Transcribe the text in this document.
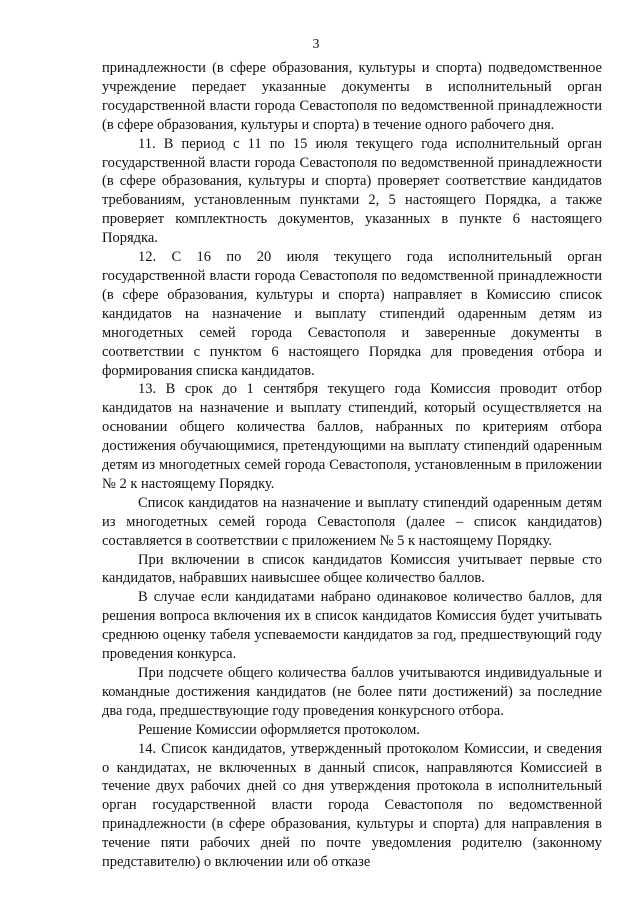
3

принадлежности (в сфере образования, культуры и спорта) подведомственное учреждение передает указанные документы в исполнительный орган государственной власти города Севастополя по ведомственной принадлежности (в сфере образования, культуры и спорта) в течение одного рабочего дня.

11. В период с 11 по 15 июля текущего года исполнительный орган государственной власти города Севастополя по ведомственной принадлежности (в сфере образования, культуры и спорта) проверяет соответствие кандидатов требованиям, установленным пунктами 2, 5 настоящего Порядка, а также проверяет комплектность документов, указанных в пункте 6 настоящего Порядка.

12. С 16 по 20 июля текущего года исполнительный орган государственной власти города Севастополя по ведомственной принадлежности (в сфере образования, культуры и спорта) направляет в Комиссию список кандидатов на назначение и выплату стипендий одаренным детям из многодетных семей города Севастополя и заверенные документы в соответствии с пунктом 6 настоящего Порядка для проведения отбора и формирования списка кандидатов.

13. В срок до 1 сентября текущего года Комиссия проводит отбор кандидатов на назначение и выплату стипендий, который осуществляется на основании общего количества баллов, набранных по критериям отбора достижения обучающимися, претендующими на выплату стипендий одаренным детям из многодетных семей города Севастополя, установленным в приложении № 2 к настоящему Порядку.

Список кандидатов на назначение и выплату стипендий одаренным детям из многодетных семей города Севастополя (далее – список кандидатов) составляется в соответствии с приложением № 5 к настоящему Порядку.

При включении в список кандидатов Комиссия учитывает первые сто кандидатов, набравших наивысшее общее количество баллов.

В случае если кандидатами набрано одинаковое количество баллов, для решения вопроса включения их в список кандидатов Комиссия будет учитывать среднюю оценку табеля успеваемости кандидатов за год, предшествующий году проведения конкурса.

При подсчете общего количества баллов учитываются индивидуальные и командные достижения кандидатов (не более пяти достижений) за последние два года, предшествующие году проведения конкурсного отбора.

Решение Комиссии оформляется протоколом.

14. Список кандидатов, утвержденный протоколом Комиссии, и сведения о кандидатах, не включенных в данный список, направляются Комиссией в течение двух рабочих дней со дня утверждения протокола в исполнительный орган государственной власти города Севастополя по ведомственной принадлежности (в сфере образования, культуры и спорта) для направления в течение пяти рабочих дней по почте уведомления родителю (законному представителю) о включении или об отказе
